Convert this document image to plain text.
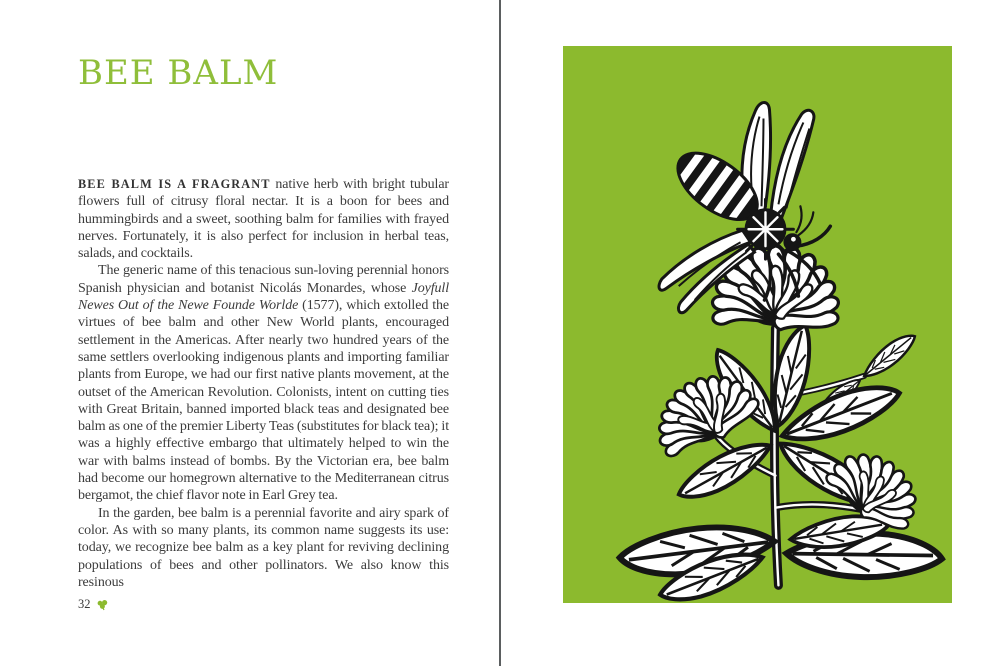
BEE BALM

BEE BALM IS A FRAGRANT native herb with bright tubular flowers full of citrusy floral nectar. It is a boon for bees and hummingbirds and a sweet, soothing balm for families with frayed nerves. Fortunately, it is also perfect for inclusion in herbal teas, salads, and cocktails.

The generic name of this tenacious sun-loving perennial honors Spanish physician and botanist Nicolás Monardes, whose Joyfull Newes Out of the Newe Founde Worlde (1577), which extolled the virtues of bee balm and other New World plants, encouraged settlement in the Americas. After nearly two hundred years of the same settlers overlooking indigenous plants and importing familiar plants from Europe, we had our first native plants movement, at the outset of the American Revolution. Colonists, intent on cutting ties with Great Britain, banned imported black teas and designated bee balm as one of the premier Liberty Teas (substitutes for black tea); it was a highly effective embargo that ultimately helped to win the war with balms instead of bombs. By the Victorian era, bee balm had become our homegrown alternative to the Mediterranean citrus bergamot, the chief flavor note in Earl Grey tea.

In the garden, bee balm is a perennial favorite and airy spark of color. As with so many plants, its common name suggests its use: today, we recognize bee balm as a key plant for reviving declining populations of bees and other pollinators. We also know this resinous

32
